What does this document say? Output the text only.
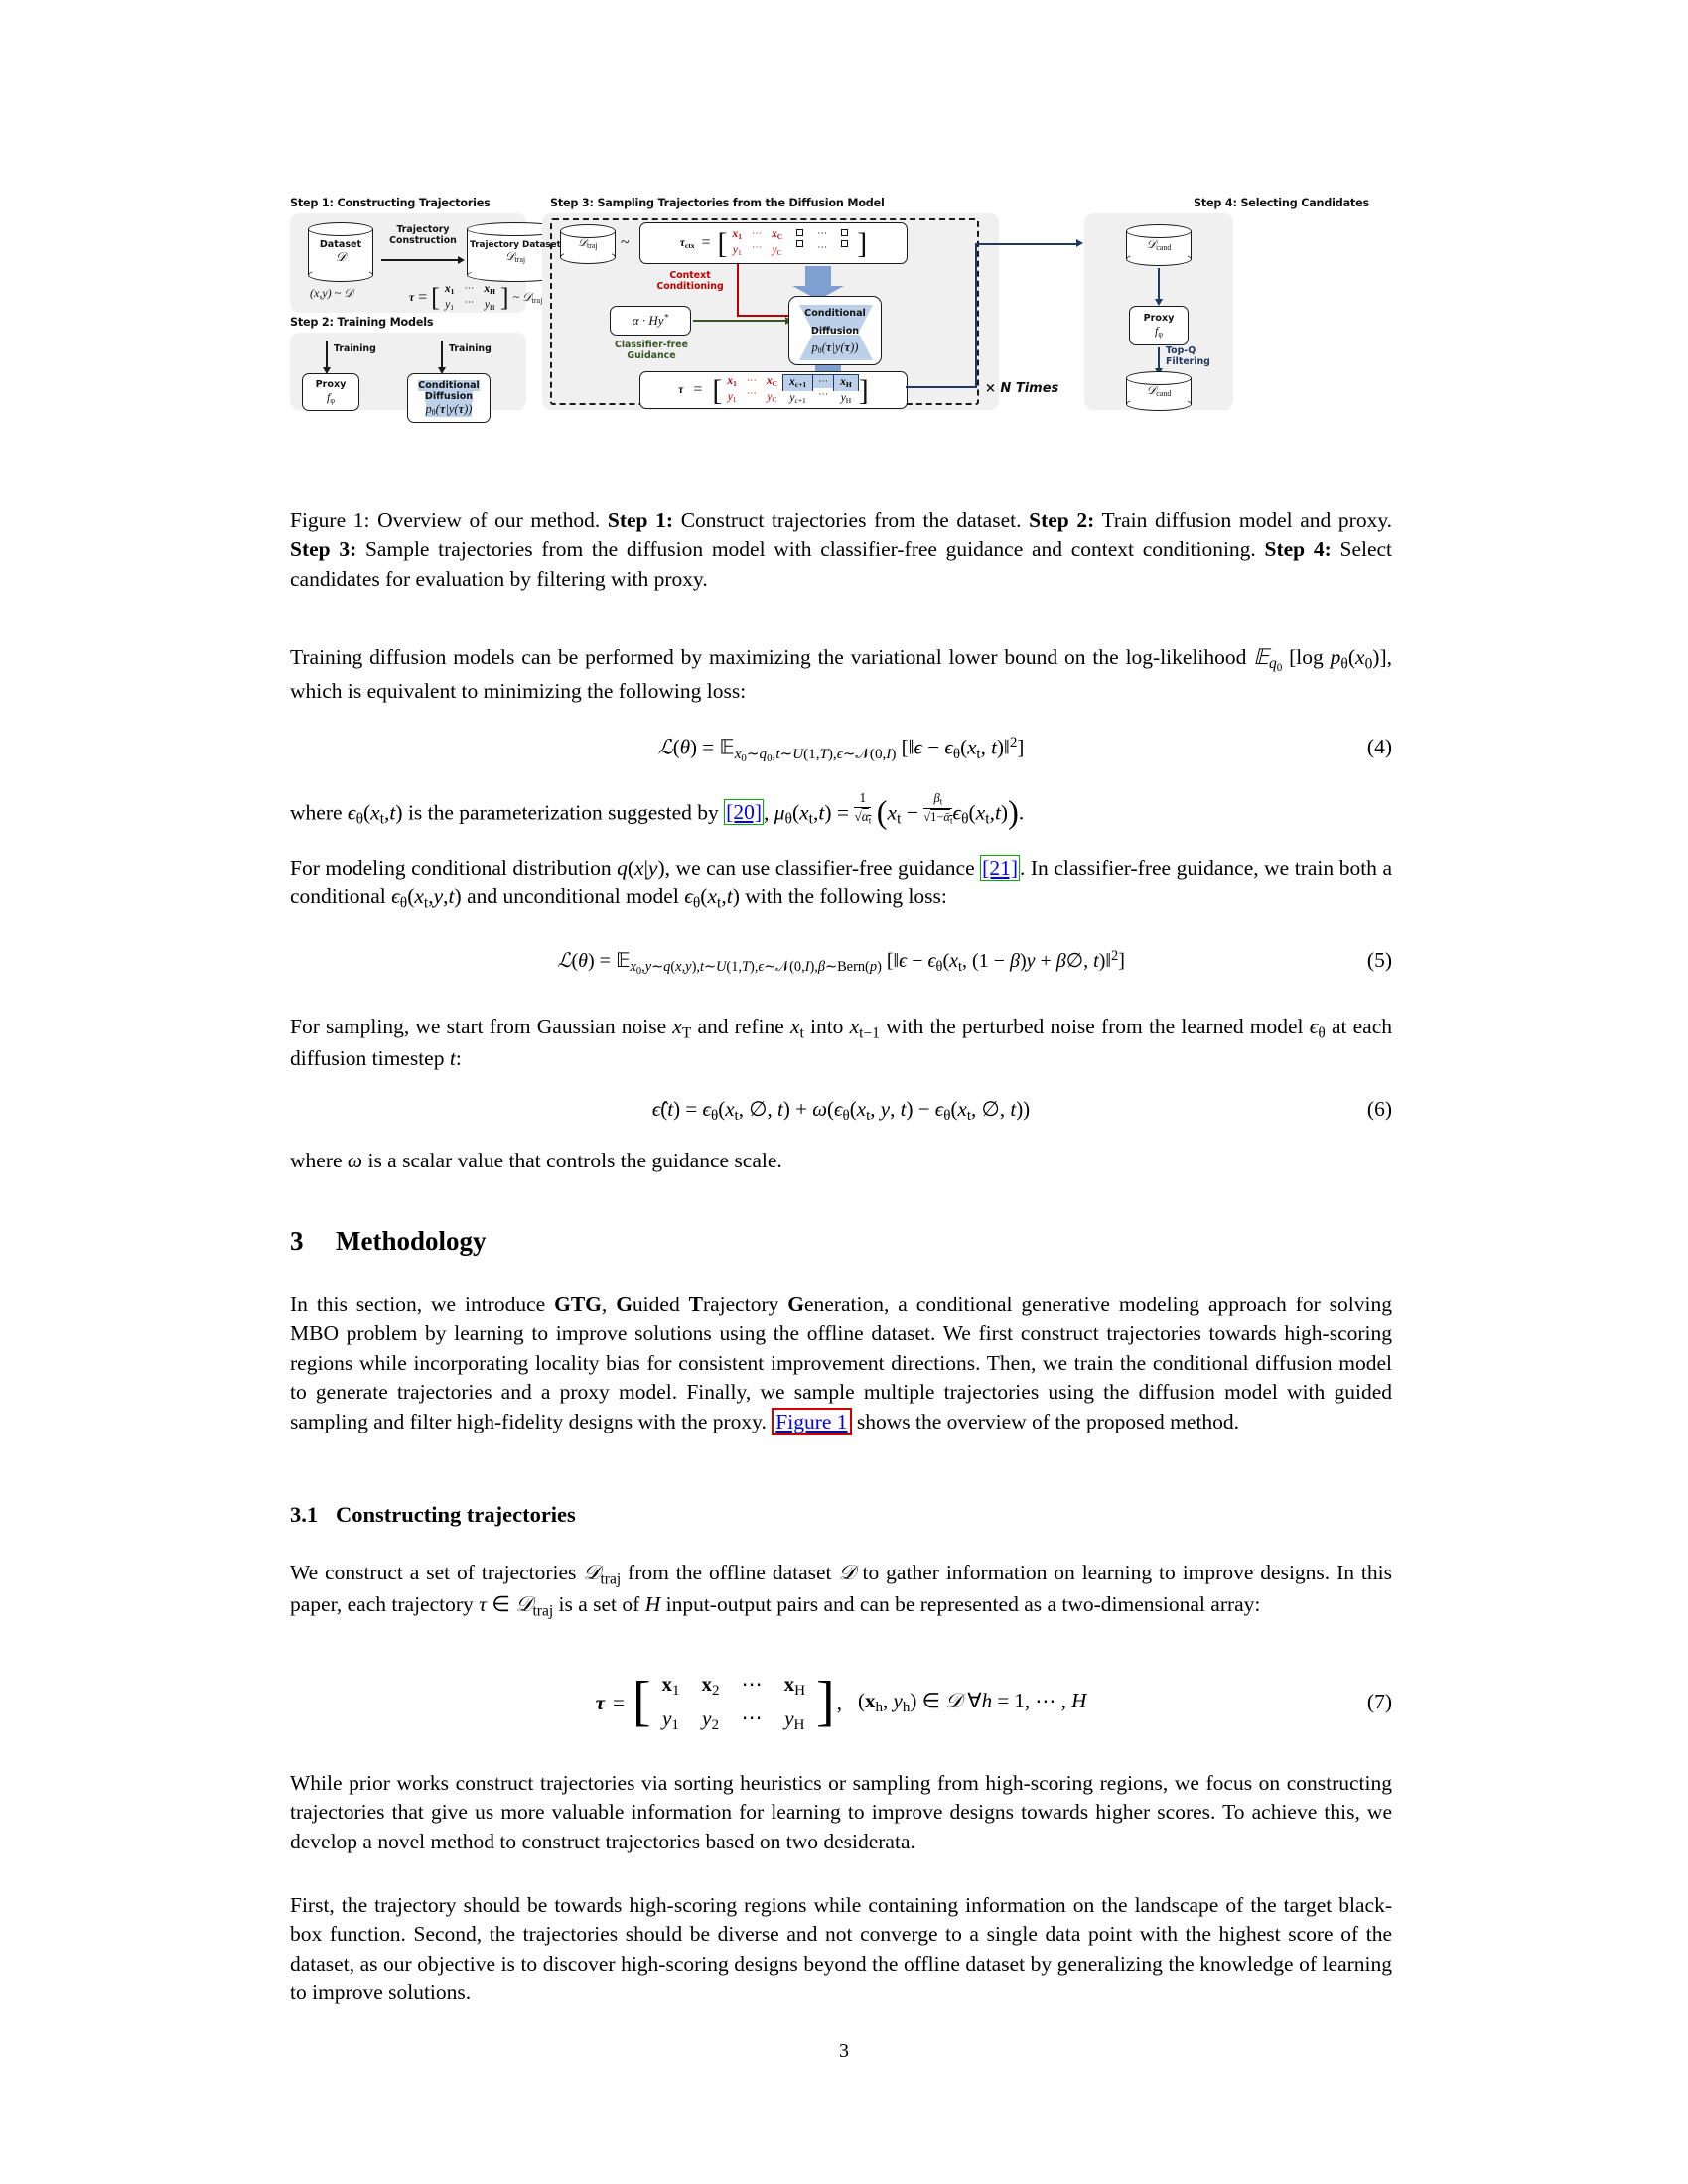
Step 1: Constructing Trajectories
Dataset
𝒟
Trajectory
Construction	Trajectory Dataset
𝒟$_{traj}$
(x,y) ~ 𝒟	τ = [ x1
y1
⋯
⋯
xH
yH ] ~ 𝒟$_{traj}$
Step 2: Training Models
Training	Training
Proxy
$f_\varphi$
Conditional
Diffusion
$p_\theta(\tau|y(\tau))$
Step 3: Sampling Trajectories from the Diffusion Model
𝒟$_{traj}$ ~	τctx = [ x1
y1
⋯
⋯
xC
yC
⋯
⋯ ]
Context
Conditioning
α · Hy*
Classifier-free
Guidance
Conditional
Diffusion
$p_\theta(\tau|y(\tau))$
τ = [ x1
y1
⋯
⋯
xC
yC
xc+1
yc+1
⋯
⋯
xH
yH ]	× N Times

Step 4: Selecting Candidates
𝒟$_{cand}$
Proxy
$f_\varphi$
Top-Q
Filtering
𝒟$_{cand}$
Figure 1: Overview of our method. Step 1: Construct trajectories from the dataset. Step 2: Train diffusion model and proxy. Step 3: Sample trajectories from the diffusion model with classifier-free guidance and context conditioning. Step 4: Select candidates for evaluation by filtering with proxy.
Training diffusion models can be performed by maximizing the variational lower bound on the log-likelihood 𝔼$_{q_0}$ [log $p_\theta(x_0)$], which is equivalent to minimizing the following loss:
ℒ(θ) = 𝔼$_{x_0\sim q_0,t\sim U(1,T),\epsilon\sim 𝒩(0,I)}$ [‖ϵ − $\epsilon_\theta(x_t$, t)‖$^2$]	(4)
where $\epsilon_\theta(x_t,t)$ is the parameterization suggested by [20], $\mu_\theta(x_t,t) = \frac{1}{√\alpha_t} (x_t - \frac{\beta_t}{√1-ᾱ_t} \epsilon_\theta(x_t,t))$.
For modeling conditional distribution q(x|y), we can use classifier-free guidance [21]. In classifier-free guidance, we train both a conditional $\epsilon_\theta(x_t,y,t)$ and unconditional model $\epsilon_\theta(x_t,t)$ with the following loss:
ℒ(θ) = 𝔼$_{x_0,y\sim q(x,y),t\sim U(1,T),\epsilon\sim 𝒩(0,I),\beta\sim Bern(p)}$ [‖ϵ − $\epsilon_\theta(x_t$, (1 − β)y + β∅, t)‖$^2$]	(5)
For sampling, we start from Gaussian noise $x_T$ and refine $x_t$ into $x_{t-1}$ with the perturbed noise from the learned model $\epsilon_\theta$ at each diffusion timestep t:
ϵ̂(t) = $\epsilon_\theta(x_t$, ∅, $t) + \omega(\epsilon_\theta(x_t$, y, $t) - \epsilon_\theta(x_t$, ∅, t))	(6)
where ω is a scalar value that controls the guidance scale.
3 Methodology
In this section, we introduce GTG, Guided Trajectory Generation, a conditional generative modeling approach for solving MBO problem by learning to improve solutions using the offline dataset. We first construct trajectories towards high-scoring regions while incorporating locality bias for consistent improvement directions. Then, we train the conditional diffusion model to generate trajectories and a proxy model. Finally, we sample multiple trajectories using the diffusion model with guided sampling and filter high-fidelity designs with the proxy. Figure 1 shows the overview of the proposed method.
3.1 Constructing trajectories
We construct a set of trajectories 𝒟$_{traj}$ from the offline dataset 𝒟 to gather information on learning to improve designs. In this paper, each trajectory τ ∈ 𝒟$_{traj}$ is a set of H input-output pairs and can be represented as a two-dimensional array:
τ = [ $x_1$
$y_1$
$x_2$
$y_2$
⋯
⋯
$x_H$
$y_H$ ] , ($x_h$, $y_h$) ∈ 𝒟 ∀h = 1, ⋯ , H	(7)
While prior works construct trajectories via sorting heuristics or sampling from high-scoring regions, we focus on constructing trajectories that give us more valuable information for learning to improve designs towards higher scores. To achieve this, we develop a novel method to construct trajectories based on two desiderata.
First, the trajectory should be towards high-scoring regions while containing information on the landscape of the target black-box function. Second, the trajectories should be diverse and not converge to a single data point with the highest score of the dataset, as our objective is to discover high-scoring designs beyond the offline dataset by generalizing the knowledge of learning to improve solutions.
3
